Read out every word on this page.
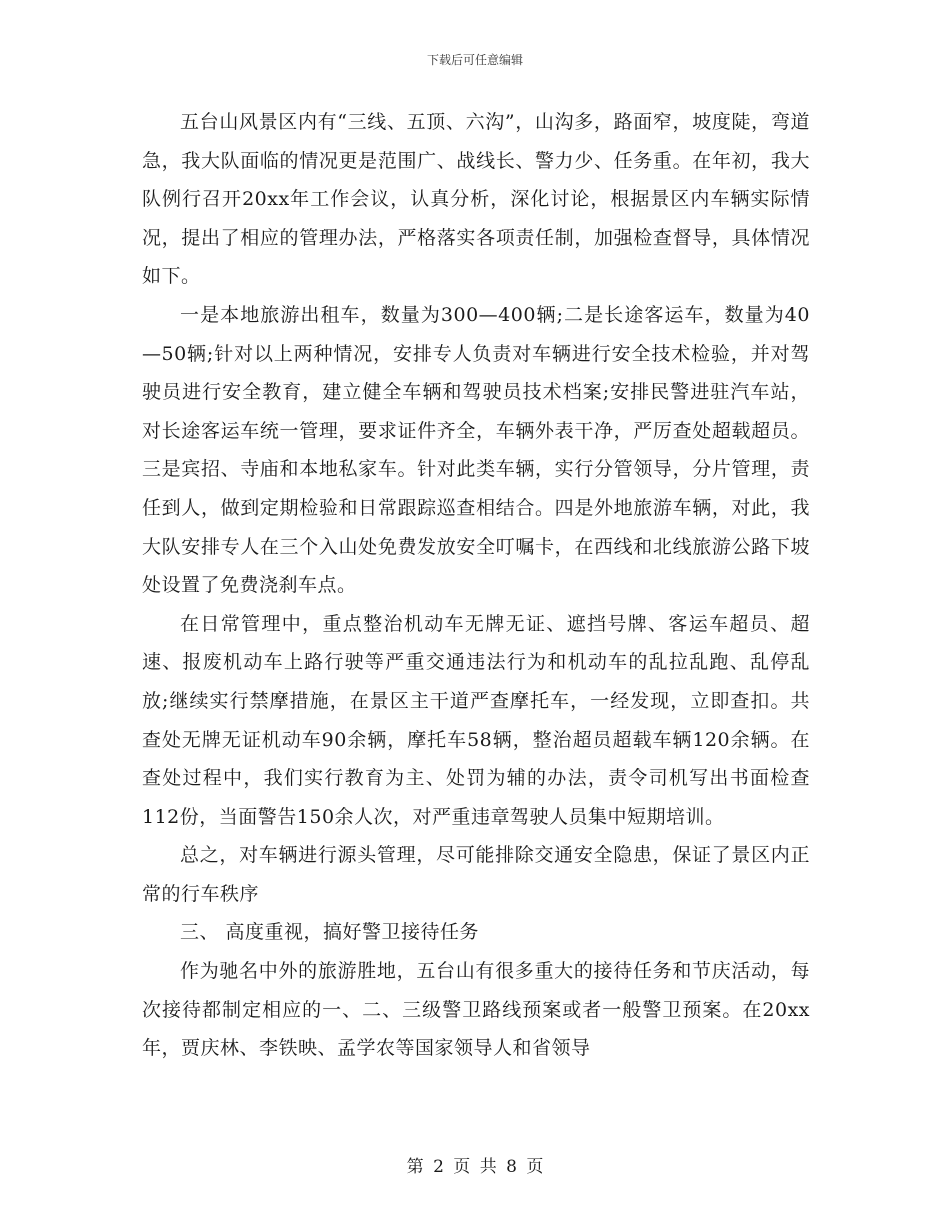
下载后可任意编辑

五台山风景区内有“三线、五顶、六沟”，山沟多，路面窄，坡度陡，弯道急，我大队面临的情况更是范围广、战线长、警力少、任务重。在年初，我大队例行召开20xx年工作会议，认真分析，深化讨论，根据景区内车辆实际情况，提出了相应的管理办法，严格落实各项责任制，加强检查督导，具体情况如下。

一是本地旅游出租车，数量为300—400辆;二是长途客运车，数量为40—50辆;针对以上两种情况，安排专人负责对车辆进行安全技术检验，并对驾驶员进行安全教育，建立健全车辆和驾驶员技术档案;安排民警进驻汽车站，对长途客运车统一管理，要求证件齐全，车辆外表干净，严厉查处超载超员。三是宾招、寺庙和本地私家车。针对此类车辆，实行分管领导，分片管理，责任到人，做到定期检验和日常跟踪巡查相结合。四是外地旅游车辆，对此，我大队安排专人在三个入山处免费发放安全叮嘱卡，在西线和北线旅游公路下坡处设置了免费浇刹车点。

在日常管理中，重点整治机动车无牌无证、遮挡号牌、客运车超员、超速、报废机动车上路行驶等严重交通违法行为和机动车的乱拉乱跑、乱停乱放;继续实行禁摩措施，在景区主干道严查摩托车，一经发现，立即查扣。共查处无牌无证机动车90余辆，摩托车58辆，整治超员超载车辆120余辆。在查处过程中，我们实行教育为主、处罚为辅的办法，责令司机写出书面检查112份，当面警告150余人次，对严重违章驾驶人员集中短期培训。

总之，对车辆进行源头管理，尽可能排除交通安全隐患，保证了景区内正常的行车秩序

三、 高度重视，搞好警卫接待任务

作为驰名中外的旅游胜地，五台山有很多重大的接待任务和节庆活动，每次接待都制定相应的一、二、三级警卫路线预案或者一般警卫预案。在20xx年，贾庆林、李铁映、孟学农等国家领导人和省领导

第 2 页 共 8 页
